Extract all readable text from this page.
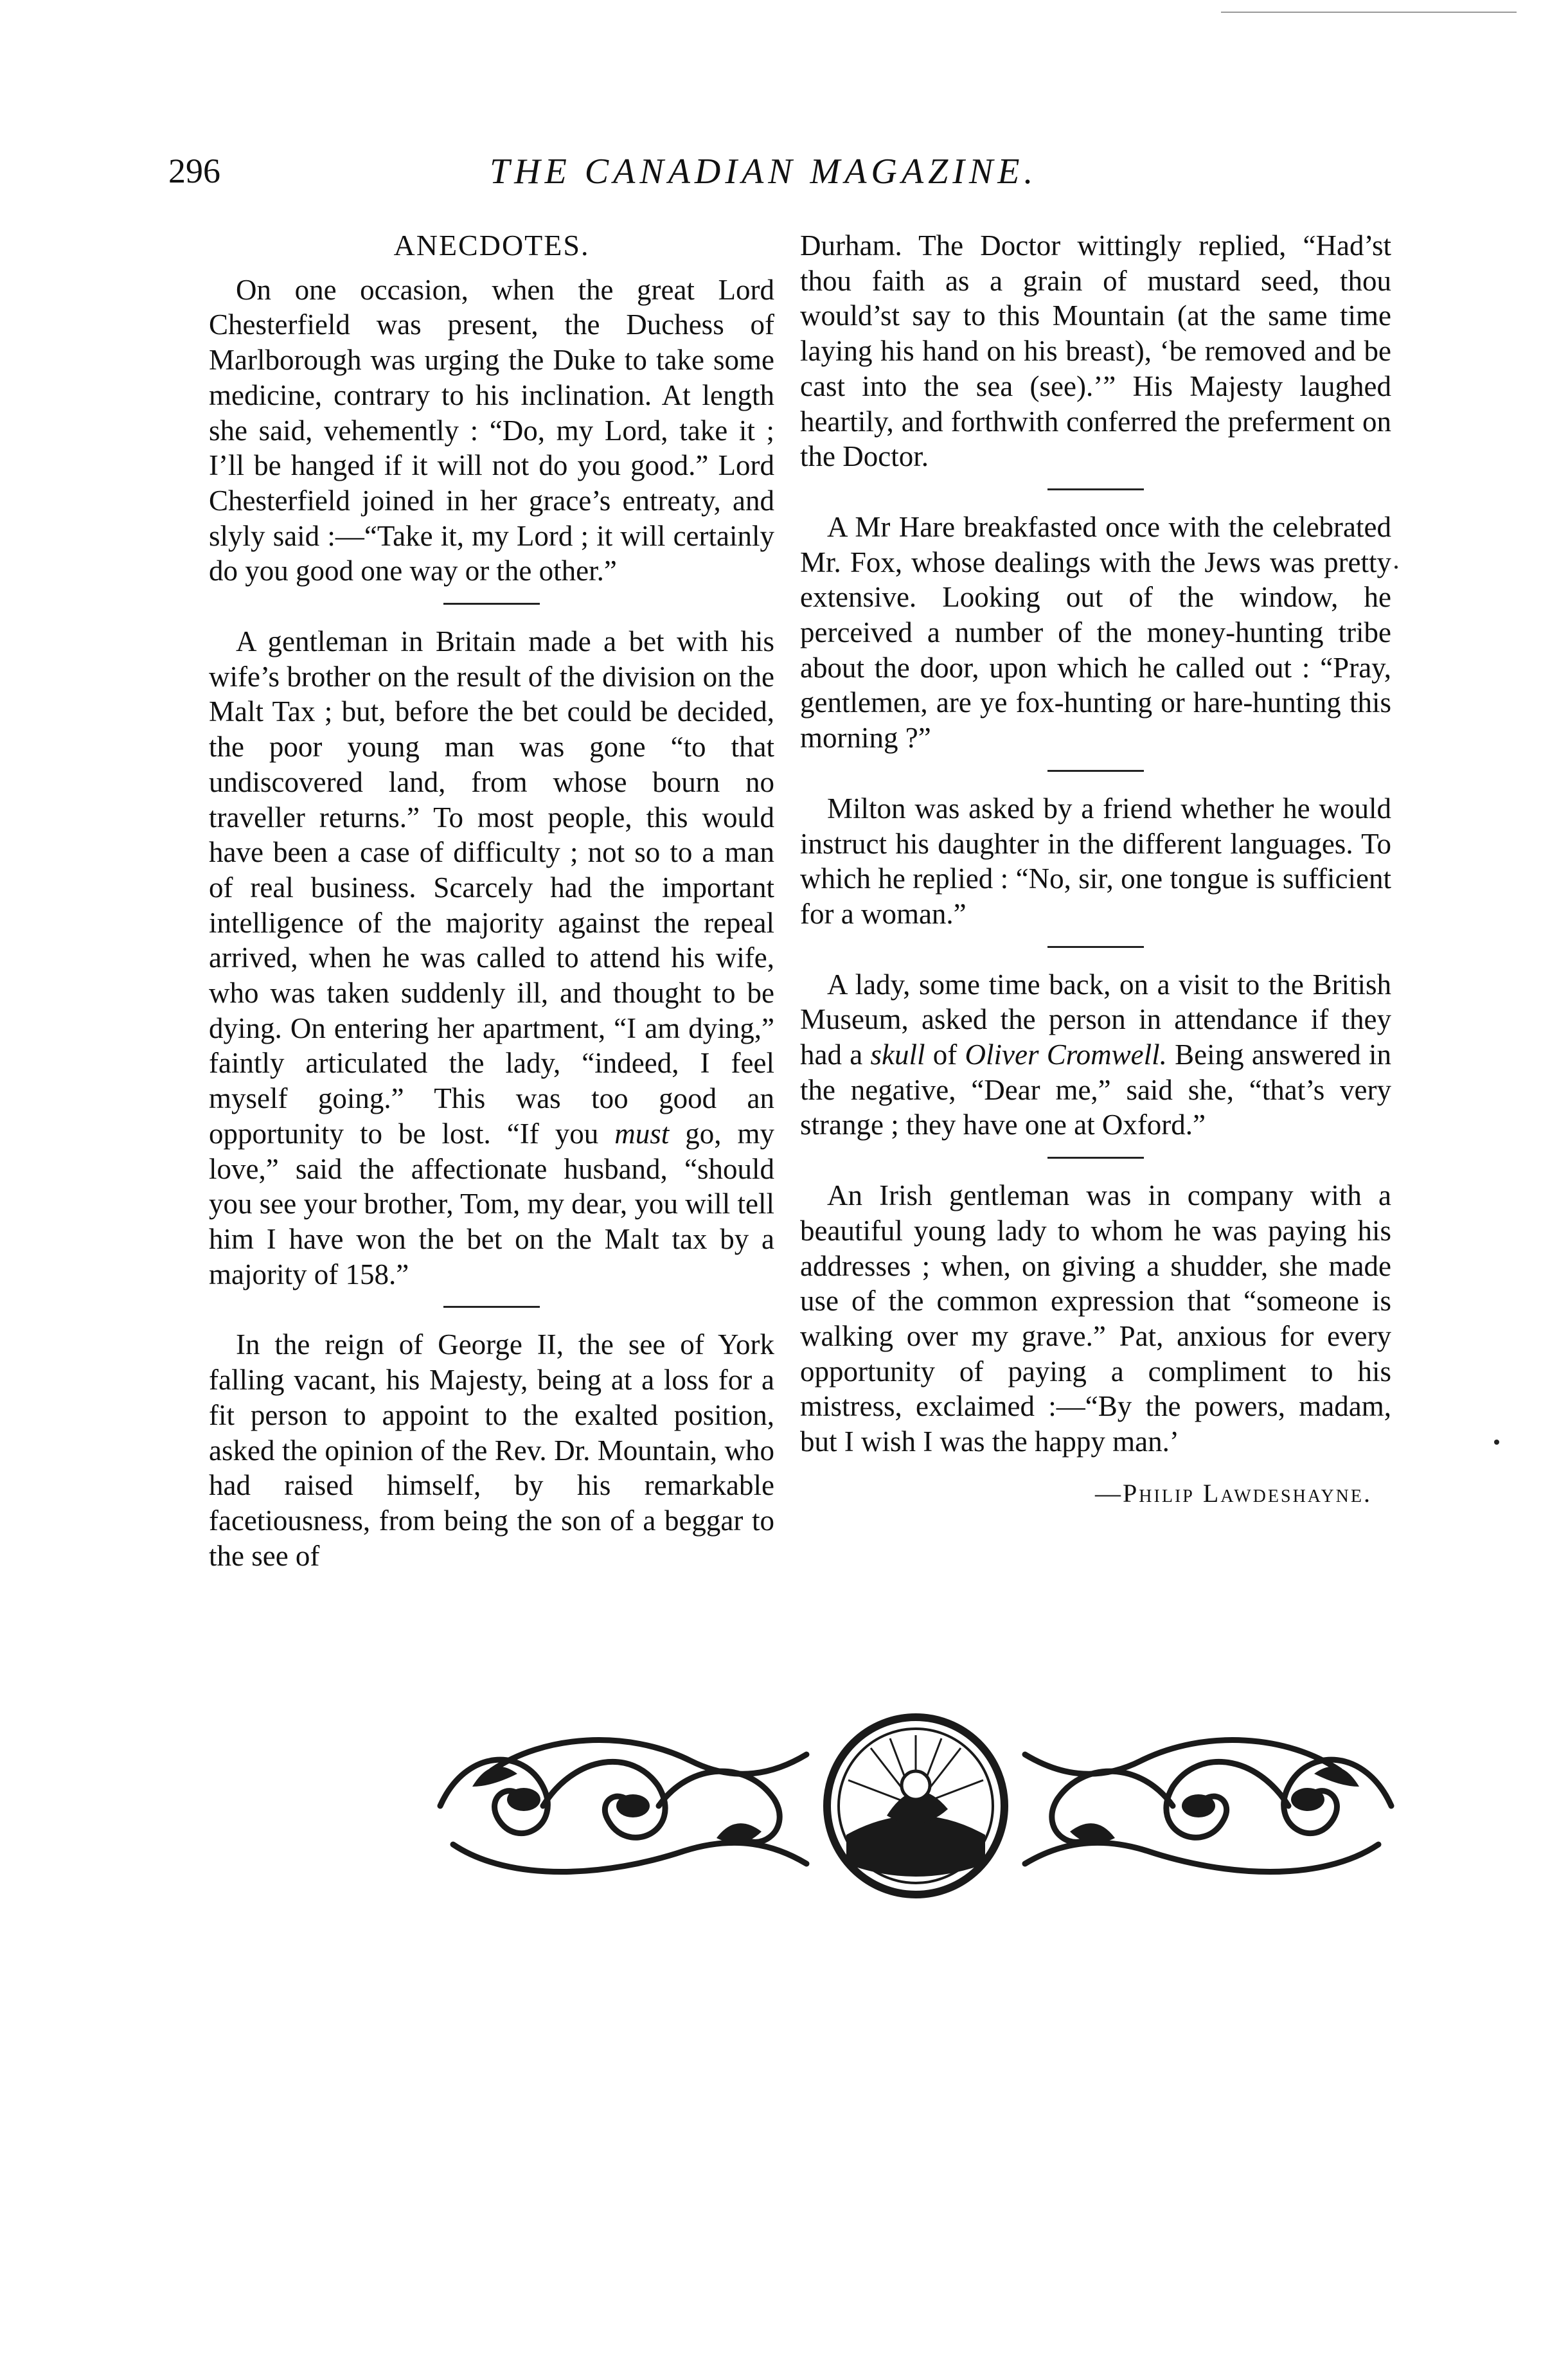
296	THE CANADIAN MAGAZINE.
ANECDOTES.

On one occasion, when the great Lord Chesterfield was present, the Duchess of Marlborough was urging the Duke to take some medicine, contrary to his inclination. At length she said, vehemently : “Do, my Lord, take it ; I’ll be hanged if it will not do you good.” Lord Chesterfield joined in her grace’s entreaty, and slyly said :—“Take it, my Lord ; it will certainly do you good one way or the other.”

A gentleman in Britain made a bet with his wife’s brother on the result of the division on the Malt Tax ; but, before the bet could be decided, the poor young man was gone “to that undiscovered land, from whose bourn no traveller returns.” To most people, this would have been a case of difficulty ; not so to a man of real business. Scarcely had the important intelligence of the majority against the repeal arrived, when he was called to attend his wife, who was taken suddenly ill, and thought to be dying. On entering her apartment, “I am dying,” faintly articulated the lady, “indeed, I feel myself going.” This was too good an opportunity to be lost. “If you must go, my love,” said the affectionate husband, “should you see your brother, Tom, my dear, you will tell him I have won the bet on the Malt tax by a majority of 158.”

In the reign of George II, the see of York falling vacant, his Majesty, being at a loss for a fit person to appoint to the exalted position, asked the opinion of the Rev. Dr. Mountain, who had raised himself, by his remarkable facetiousness, from being the son of a beggar to the see of

Durham. The Doctor wittingly replied, “Had’st thou faith as a grain of mustard seed, thou would’st say to this Mountain (at the same time laying his hand on his breast), ‘be removed and be cast into the sea (see).’” His Majesty laughed heartily, and forthwith conferred the preferment on the Doctor.

A Mr Hare breakfasted once with the celebrated Mr. Fox, whose dealings with the Jews was pretty extensive. Looking out of the window, he perceived a number of the money-hunting tribe about the door, upon which he called out : “Pray, gentlemen, are ye fox-hunting or hare-hunting this morning ?”

Milton was asked by a friend whether he would instruct his daughter in the different languages. To which he replied : “No, sir, one tongue is sufficient for a woman.”

A lady, some time back, on a visit to the British Museum, asked the person in attendance if they had a skull of Oliver Cromwell. Being answered in the negative, “Dear me,” said she, “that’s very strange ; they have one at Oxford.”

An Irish gentleman was in company with a beautiful young lady to whom he was paying his addresses ; when, on giving a shudder, she made use of the common expression that “someone is walking over my grave.” Pat, anxious for every opportunity of paying a compliment to his mistress, exclaimed :—“By the powers, madam, but I wish I was the happy man.’

—Philip Lawdeshayne.
